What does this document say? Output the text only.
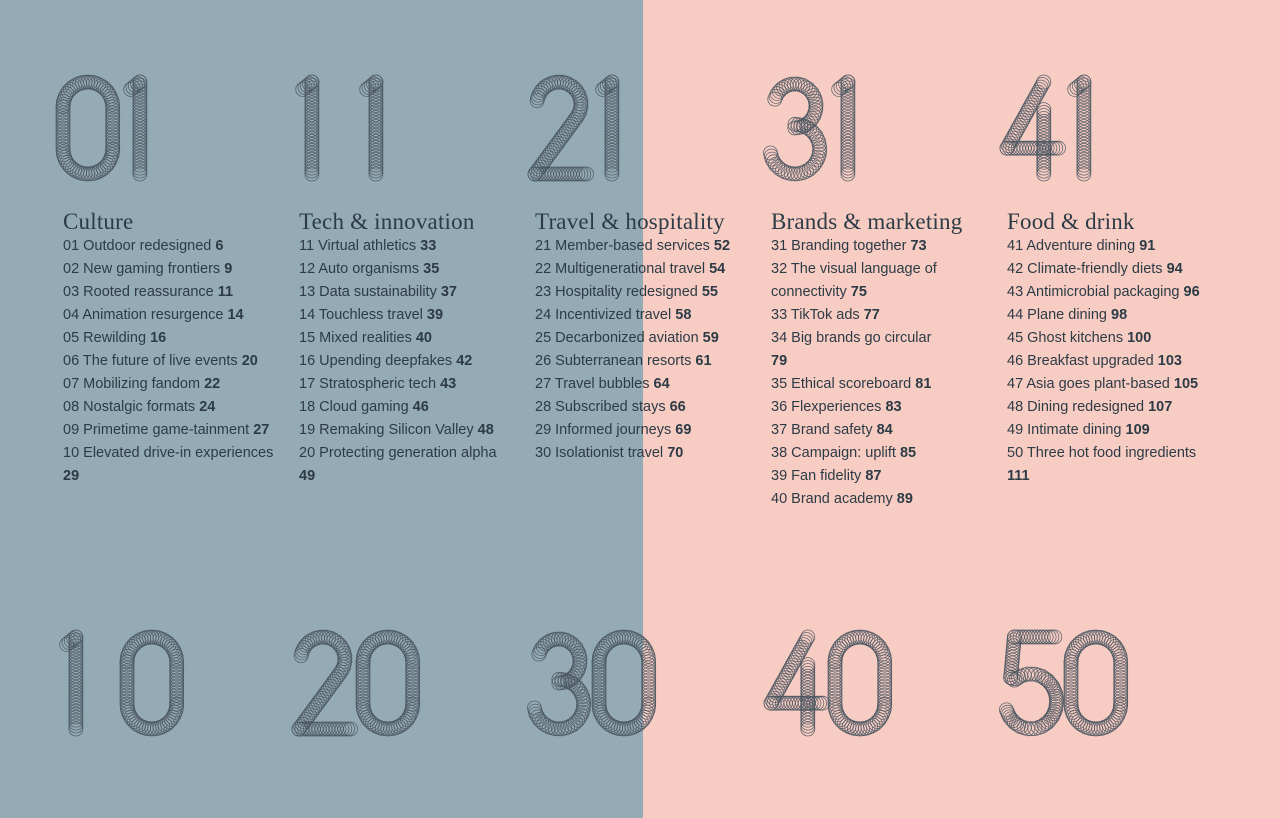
Culture
01 Outdoor redesigned 6
02 New gaming frontiers 9
03 Rooted reassurance 11
04 Animation resurgence 14
05 Rewilding 16
06 The future of live events 20
07 Mobilizing fandom 22
08 Nostalgic formats 24
09 Primetime game-tainment 27
10 Elevated drive-in experiences 29
Tech & innovation
11 Virtual athletics 33
12 Auto organisms 35
13 Data sustainability 37
14 Touchless travel 39
15 Mixed realities 40
16 Upending deepfakes 42
17 Stratospheric tech 43
18 Cloud gaming 46
19 Remaking Silicon Valley 48
20 Protecting generation alpha 49
Travel & hospitality
21 Member-based services 52
22 Multigenerational travel 54
23 Hospitality redesigned 55
24 Incentivized travel 58
25 Decarbonized aviation 59
26 Subterranean resorts 61
27 Travel bubbles 64
28 Subscribed stays 66
29 Informed journeys 69
30 Isolationist travel 70
Brands & marketing
31 Branding together 73
32 The visual language of connectivity 75
33 TikTok ads 77
34 Big brands go circular 79
35 Ethical scoreboard 81
36 Flexperiences 83
37 Brand safety 84
38 Campaign: uplift 85
39 Fan fidelity 87
40 Brand academy 89
Food & drink
41 Adventure dining 91
42 Climate-friendly diets 94
43 Antimicrobial packaging 96
44 Plane dining 98
45 Ghost kitchens 100
46 Breakfast upgraded 103
47 Asia goes plant-based 105
48 Dining redesigned 107
49 Intimate dining 109
50 Three hot food ingredients 111
